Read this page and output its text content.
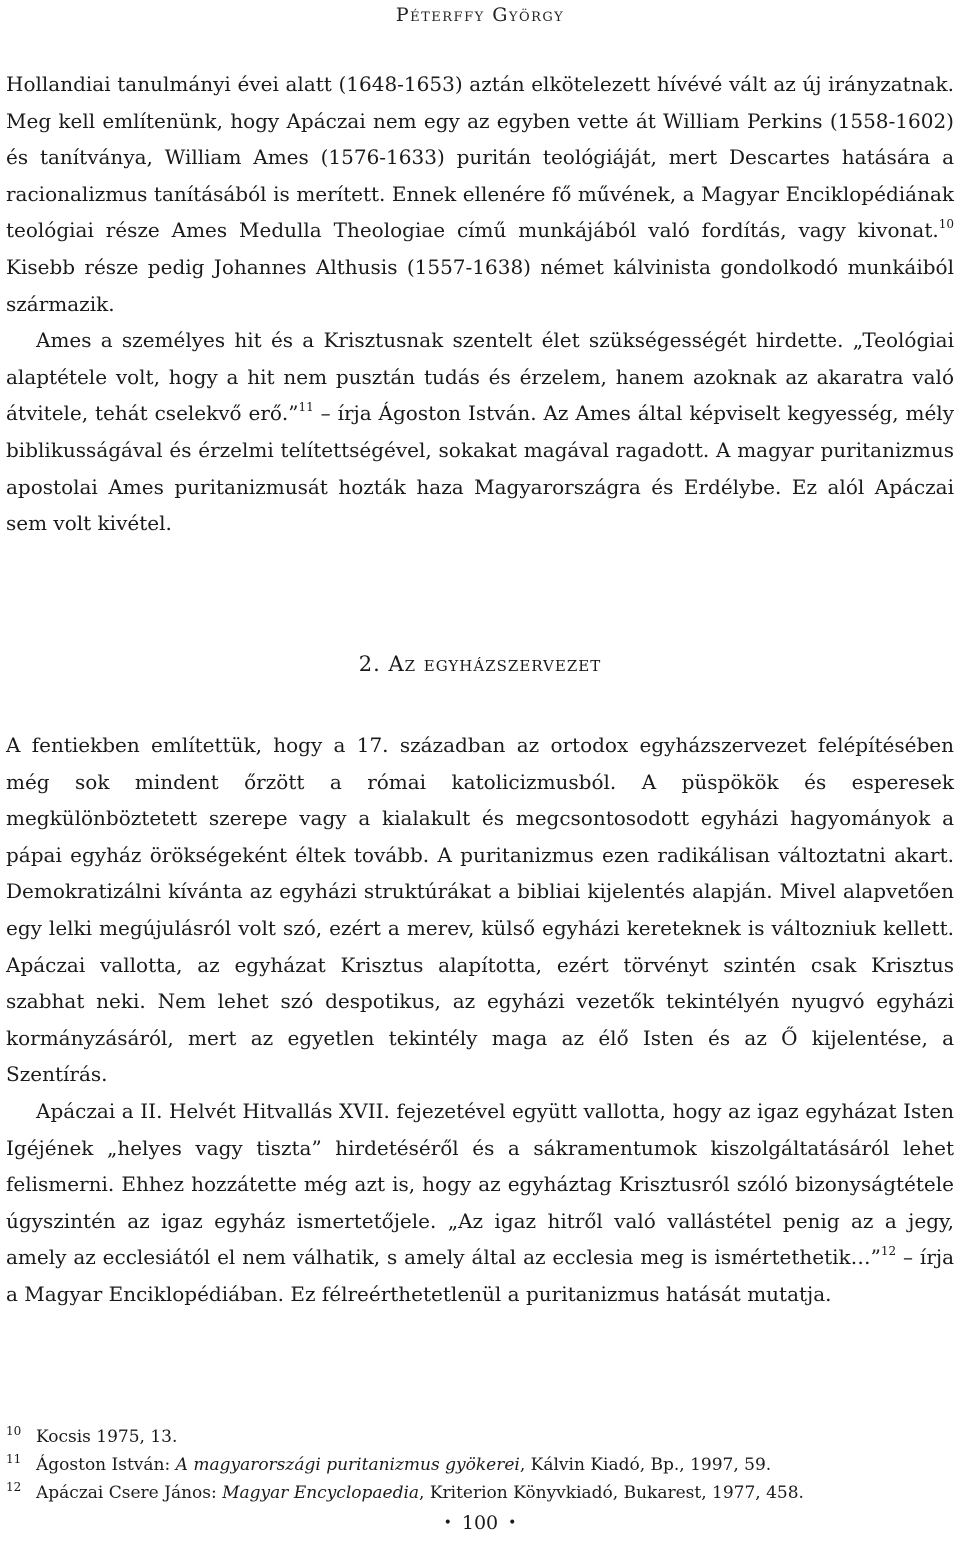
Péterffy György

Hollandiai tanulmányi évei alatt (1648-1653) aztán elkötelezett hívévé vált az új irányzatnak. Meg kell említenünk, hogy Apáczai nem egy az egyben vette át William Perkins (1558-1602) és tanítványa, William Ames (1576-1633) puritán teológiáját, mert Descartes hatására a racionalizmus tanításából is merített. Ennek ellenére fő művének, a Magyar Enciklopédiának teológiai része Ames Medulla Theologiae című munkájából való fordítás, vagy kivonat.$^{10}$ Kisebb része pedig Johannes Althusis (1557-1638) német kálvinista gondolkodó munkáiból származik.

Ames a személyes hit és a Krisztusnak szentelt élet szükségességét hirdette. „Teológiai alaptétele volt, hogy a hit nem pusztán tudás és érzelem, hanem azoknak az akaratra való átvitele, tehát cselekvő erő.”$^{11}$ – írja Ágoston István. Az Ames által képviselt kegyesség, mély biblikusságával és érzelmi telítettségével, sokakat magával ragadott. A magyar puritanizmus apostolai Ames puritanizmusát hozták haza Magyarországra és Erdélybe. Ez alól Apáczai sem volt kivétel.

2. Az egyházszervezet

A fentiekben említettük, hogy a 17. században az ortodox egyházszervezet felépítésében még sok mindent őrzött a római katolicizmusból. A püspökök és esperesek megkülönböztetett szerepe vagy a kialakult és megcsontosodott egyházi hagyományok a pápai egyház örökségeként éltek tovább. A puritanizmus ezen radikálisan változtatni akart. Demokratizálni kívánta az egyházi struktúrákat a bibliai kijelentés alapján. Mivel alapvetően egy lelki megújulásról volt szó, ezért a merev, külső egyházi kereteknek is változniuk kellett. Apáczai vallotta, az egyházat Krisztus alapította, ezért törvényt szintén csak Krisztus szabhat neki. Nem lehet szó despotikus, az egyházi vezetők tekintélyén nyugvó egyházi kormányzásáról, mert az egyetlen tekintély maga az élő Isten és az Ő kijelentése, a Szentírás.

Apáczai a II. Helvét Hitvallás XVII. fejezetével együtt vallotta, hogy az igaz egyházat Isten Igéjének „helyes vagy tiszta” hirdetéséről és a sákramentumok kiszolgáltatásáról lehet felismerni. Ehhez hozzátette még azt is, hogy az egyháztag Krisztusról szóló bizonyságtétele úgyszintén az igaz egyház ismertetőjele. „Az igaz hitről való vallástétel penig az a jegy, amely az ecclesiától el nem válhatik, s amely által az ecclesia meg is ismértethetik…”$^{12}$ – írja a Magyar Enciklopédiában. Ez félreérthetetlenül a puritanizmus hatását mutatja.

10 Kocsis 1975, 13.
11 Ágoston István: A magyarországi puritanizmus gyökerei, Kálvin Kiadó, Bp., 1997, 59.
12 Apáczai Csere János: Magyar Encyclopaedia, Kriterion Könyvkiadó, Bukarest, 1977, 458.
• 100 •
